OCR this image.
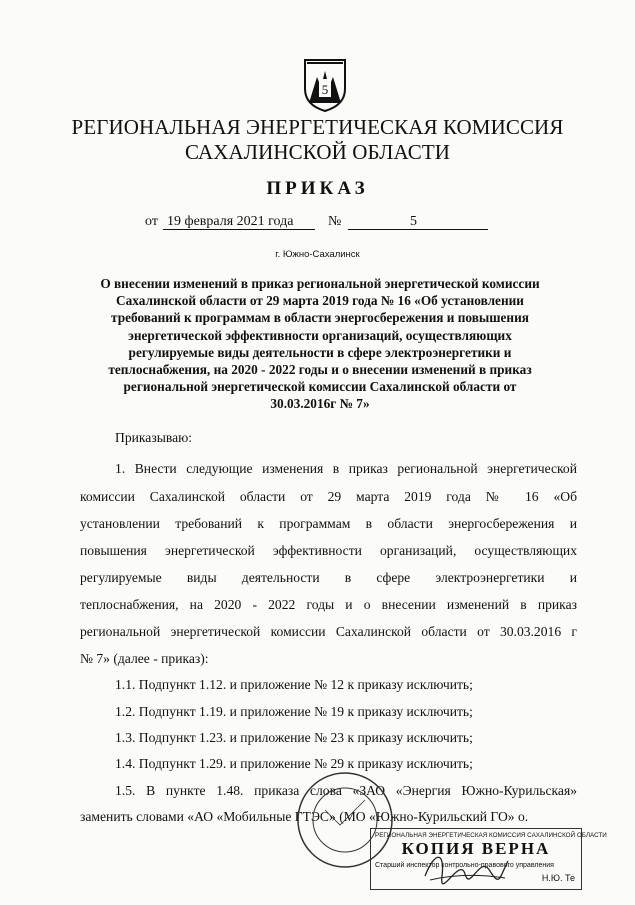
5
РЕГИОНАЛЬНАЯ ЭНЕРГЕТИЧЕСКАЯ КОМИССИЯ
САХАЛИНСКОЙ ОБЛАСТИ
ПРИКАЗ
от 19 февраля 2021 года №	5
г. Южно-Сахалинск
О внесении изменений в приказ региональной энергетической комиссии
Сахалинской области от 29 марта 2019 года № 16 «Об установлении
требований к программам в области энергосбережения и повышения
энергетической эффективности организаций, осуществляющих
регулируемые виды деятельности в сфере электроэнергетики и
теплоснабжения, на 2020 - 2022 годы и о внесении изменений в приказ
региональной энергетической комиссии Сахалинской области от
30.03.2016г № 7»
Приказываю:
1. Внести следующие изменения в приказ региональной энергетической
комиссии Сахалинской области от 29 марта 2019 года № 16 «Об
установлении требований к программам в области энергосбережения и
повышения энергетической эффективности организаций, осуществляющих
регулируемые виды деятельности в сфере электроэнергетики и
теплоснабжения, на 2020 - 2022 годы и о внесении изменений в приказ
региональной энергетической комиссии Сахалинской области от 30.03.2016 г
№ 7» (далее - приказ):
1.1. Подпункт 1.12. и приложение № 12 к приказу исключить;
1.2. Подпункт 1.19. и приложение № 19 к приказу исключить;
1.3. Подпункт 1.23. и приложение № 23 к приказу исключить;
1.4. Подпункт 1.29. и приложение № 29 к приказу исключить;
1.5. В пункте 1.48. приказа слова «ЗАО «Энергия Южно-Курильская»
заменить словами «АО «Мобильные ГТЭС» (МО «Южно-Курильский ГО» о.
РЕГИОНАЛЬНАЯ ЭНЕРГЕТИЧЕСКАЯ КОМИССИЯ САХАЛИНСКОЙ ОБЛАСТИ
КОПИЯ ВЕРНА
Старший инспектор контрольно-правового управления
Н.Ю. Те
